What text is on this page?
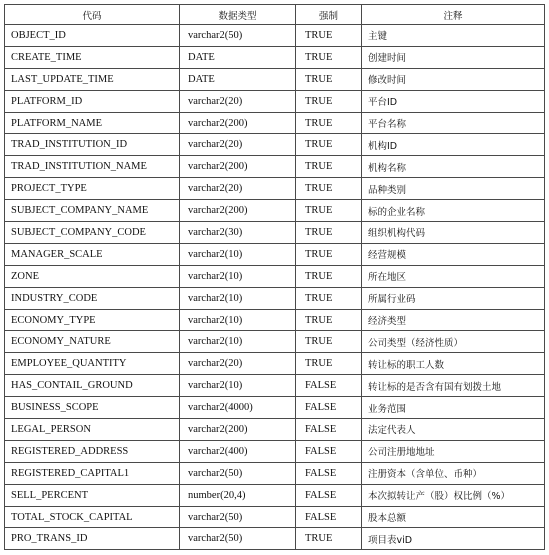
代码	数据类型	强制	注释
OBJECT_ID	varchar2(50)	TRUE	主键
CREATE_TIME	DATE	TRUE	创建时间
LAST_UPDATE_TIME	DATE	TRUE	修改时间
PLATFORM_ID	varchar2(20)	TRUE	平台ID
PLATFORM_NAME	varchar2(200)	TRUE	平台名称
TRAD_INSTITUTION_ID	varchar2(20)	TRUE	机构ID
TRAD_INSTITUTION_NAME	varchar2(200)	TRUE	机构名称
PROJECT_TYPE	varchar2(20)	TRUE	品种类别
SUBJECT_COMPANY_NAME	varchar2(200)	TRUE	标的企业名称
SUBJECT_COMPANY_CODE	varchar2(30)	TRUE	组织机构代码
MANAGER_SCALE	varchar2(10)	TRUE	经营规模
ZONE	varchar2(10)	TRUE	所在地区
INDUSTRY_CODE	varchar2(10)	TRUE	所属行业码
ECONOMY_TYPE	varchar2(10)	TRUE	经济类型
ECONOMY_NATURE	varchar2(10)	TRUE	公司类型（经济性质）
EMPLOYEE_QUANTITY	varchar2(20)	TRUE	转让标的职工人数
HAS_CONTAIL_GROUND	varchar2(10)	FALSE	转让标的是否含有国有划拨土地
BUSINESS_SCOPE	varchar2(4000)	FALSE	业务范围
LEGAL_PERSON	varchar2(200)	FALSE	法定代表人
REGISTERED_ADDRESS	varchar2(400)	FALSE	公司注册地地址
REGISTERED_CAPITAL1	varchar2(50)	FALSE	注册资本（含单位、币种）
SELL_PERCENT	number(20,4)	FALSE	本次拟转让产（股）权比例（%）
TOTAL_STOCK_CAPITAL	varchar2(50)	FALSE	股本总额
PRO_TRANS_ID	varchar2(50)	TRUE	项目表viD
